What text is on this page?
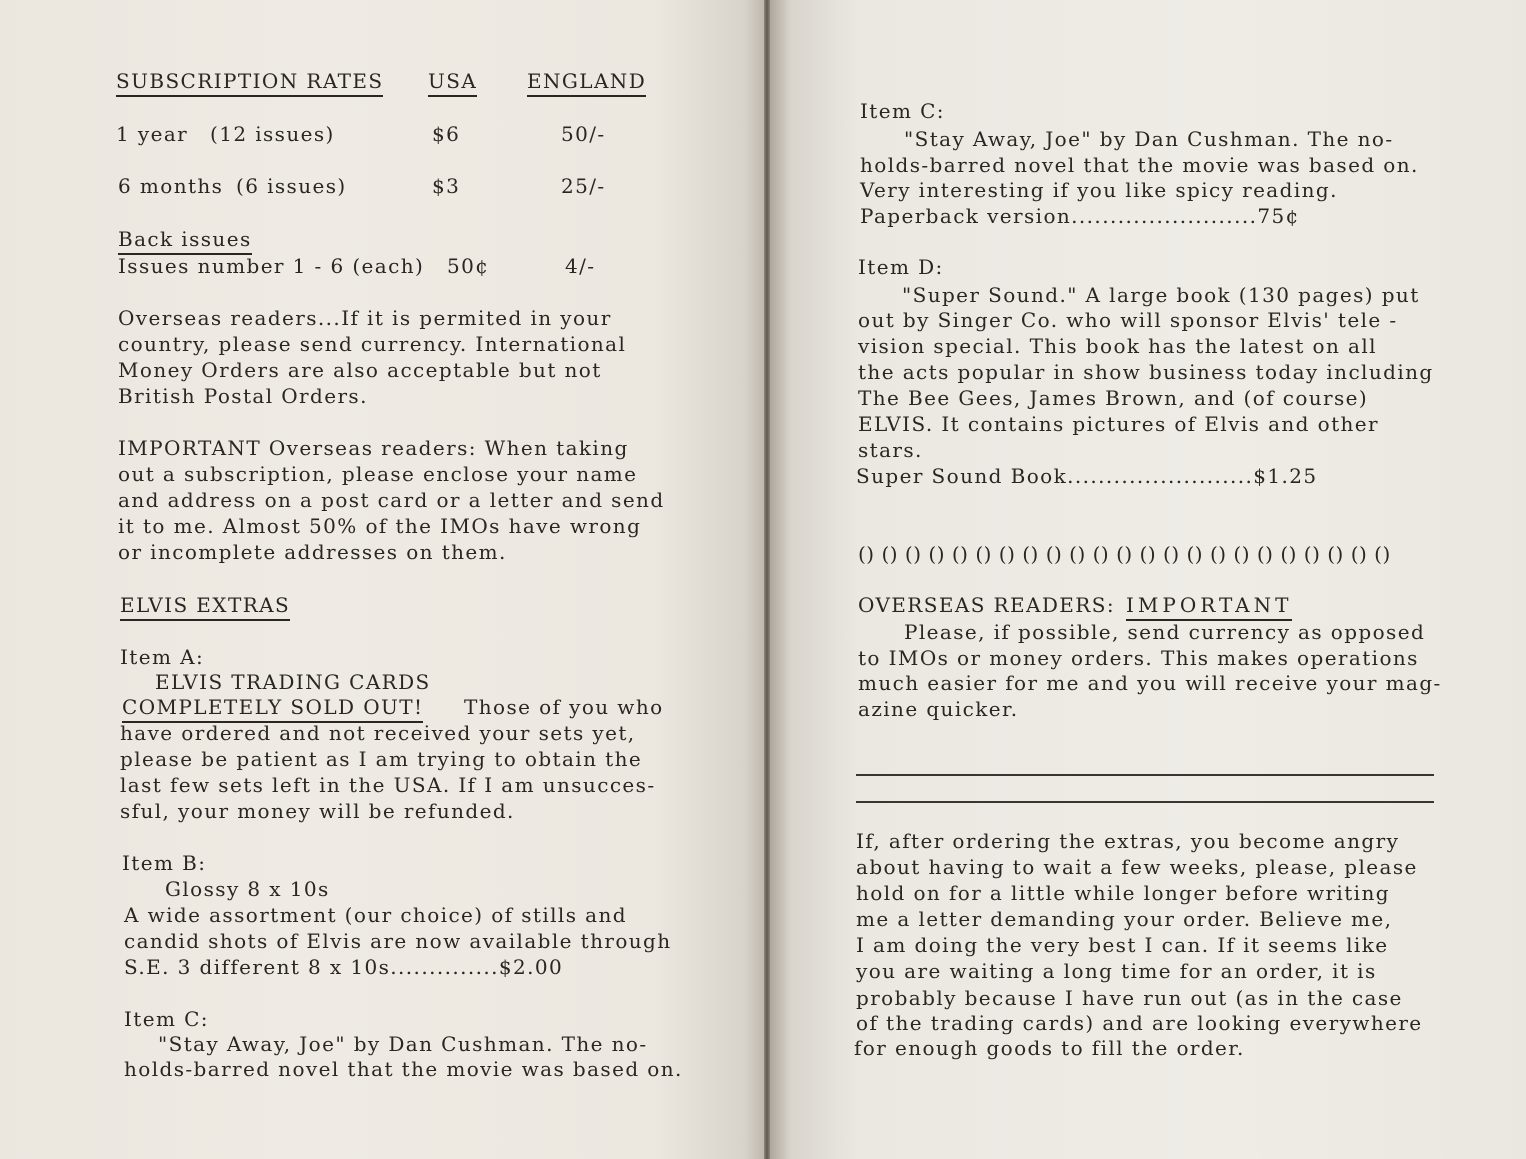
SUBSCRIPTION RATES USA ENGLAND
1 year (12 issues)	$6	50/-
6 months (6 issues)	$3	25/-
Back issues
Issues number 1 - 6 (each) 50¢	4/-
Overseas readers...If it is permited in your
country, please send currency. International
Money Orders are also acceptable but not
British Postal Orders.
IMPORTANT Overseas readers: When taking
out a subscription, please enclose your name
and address on a post card or a letter and send
it to me. Almost 50% of the IMOs have wrong
or incomplete addresses on them.
ELVIS EXTRAS
Item A:
ELVIS TRADING CARDS
COMPLETELY SOLD OUT! Those of you who
have ordered and not received your sets yet,
please be patient as I am trying to obtain the
last few sets left in the USA. If I am unsucces-
sful, your money will be refunded.
Item B:
Glossy 8 x 10s
A wide assortment (our choice) of stills and
candid shots of Elvis are now available through
S.E. 3 different 8 x 10s..............$2.00
Item C:
"Stay Away, Joe" by Dan Cushman. The no-
holds-barred novel that the movie was based on.
Item C:
"Stay Away, Joe" by Dan Cushman. The no-
holds-barred novel that the movie was based on.
Very interesting if you like spicy reading.
Paperback version........................75¢
Item D:
"Super Sound." A large book (130 pages) put
out by Singer Co. who will sponsor Elvis' tele -
vision special. This book has the latest on all
the acts popular in show business today including
The Bee Gees, James Brown, and (of course)
ELVIS. It contains pictures of Elvis and other
stars.
Super Sound Book........................$1.25
() () () () () () () () () () () () () () () () () () () () () () ()
OVERSEAS READERS: IMPORTANT
Please, if possible, send currency as opposed
to IMOs or money orders. This makes operations
much easier for me and you will receive your mag-
azine quicker.
If, after ordering the extras, you become angry
about having to wait a few weeks, please, please
hold on for a little while longer before writing
me a letter demanding your order. Believe me,
I am doing the very best I can. If it seems like
you are waiting a long time for an order, it is
probably because I have run out (as in the case
of the trading cards) and are looking everywhere
for enough goods to fill the order.
